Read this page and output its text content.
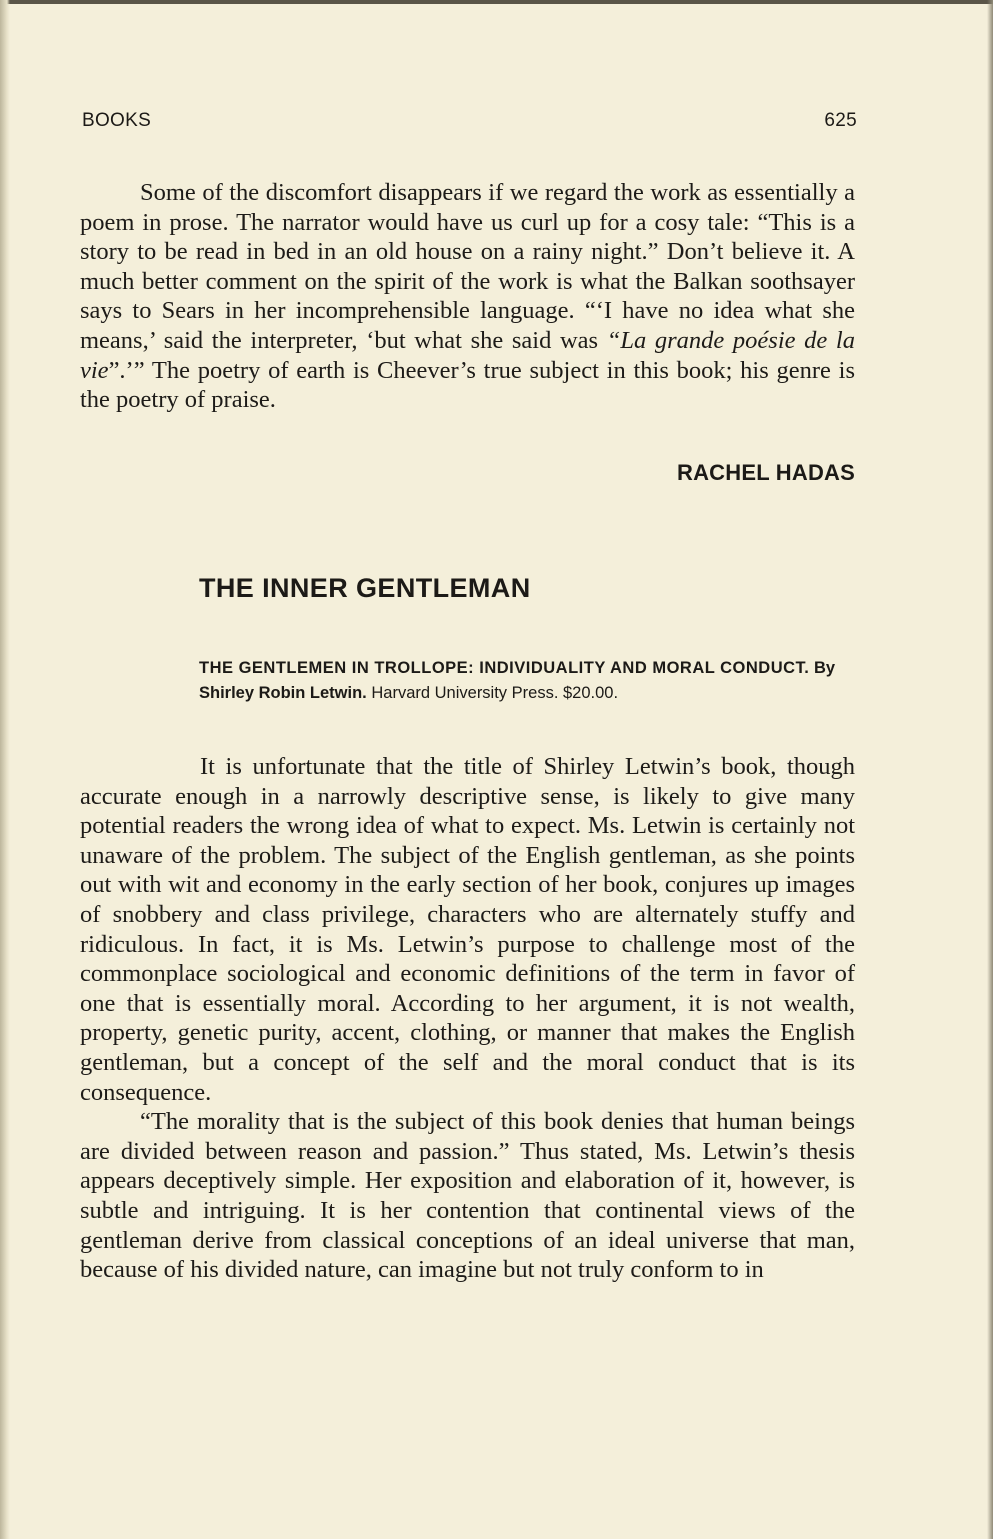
BOOKS	625

Some of the discomfort disappears if we regard the work as essentially a poem in prose. The narrator would have us curl up for a cosy tale: “This is a story to be read in bed in an old house on a rainy night.” Don’t believe it. A much better comment on the spirit of the work is what the Balkan soothsayer says to Sears in her incomprehensible language. “‘I have no idea what she means,’ said the interpreter, ‘but what she said was “La grande poésie de la vie”.’” The poetry of earth is Cheever’s true subject in this book; his genre is the poetry of praise.

RACHEL HADAS
THE INNER GENTLEMAN
THE GENTLEMEN IN TROLLOPE: INDIVIDUALITY AND MORAL CONDUCT. By Shirley Robin Letwin. Harvard University Press. $20.00.

It is unfortunate that the title of Shirley Letwin’s book, though accurate enough in a narrowly descriptive sense, is likely to give many potential readers the wrong idea of what to expect. Ms. Letwin is certainly not unaware of the problem. The subject of the English gentleman, as she points out with wit and economy in the early section of her book, conjures up images of snobbery and class privilege, characters who are alternately stuffy and ridiculous. In fact, it is Ms. Letwin’s purpose to challenge most of the commonplace sociological and economic definitions of the term in favor of one that is essentially moral. According to her argument, it is not wealth, property, genetic purity, accent, clothing, or manner that makes the English gentleman, but a concept of the self and the moral conduct that is its consequence.

“The morality that is the subject of this book denies that human beings are divided between reason and passion.” Thus stated, Ms. Letwin’s thesis appears deceptively simple. Her exposition and elaboration of it, however, is subtle and intriguing. It is her contention that continental views of the gentleman derive from classical conceptions of an ideal universe that man, because of his divided nature, can imagine but not truly conform to in
